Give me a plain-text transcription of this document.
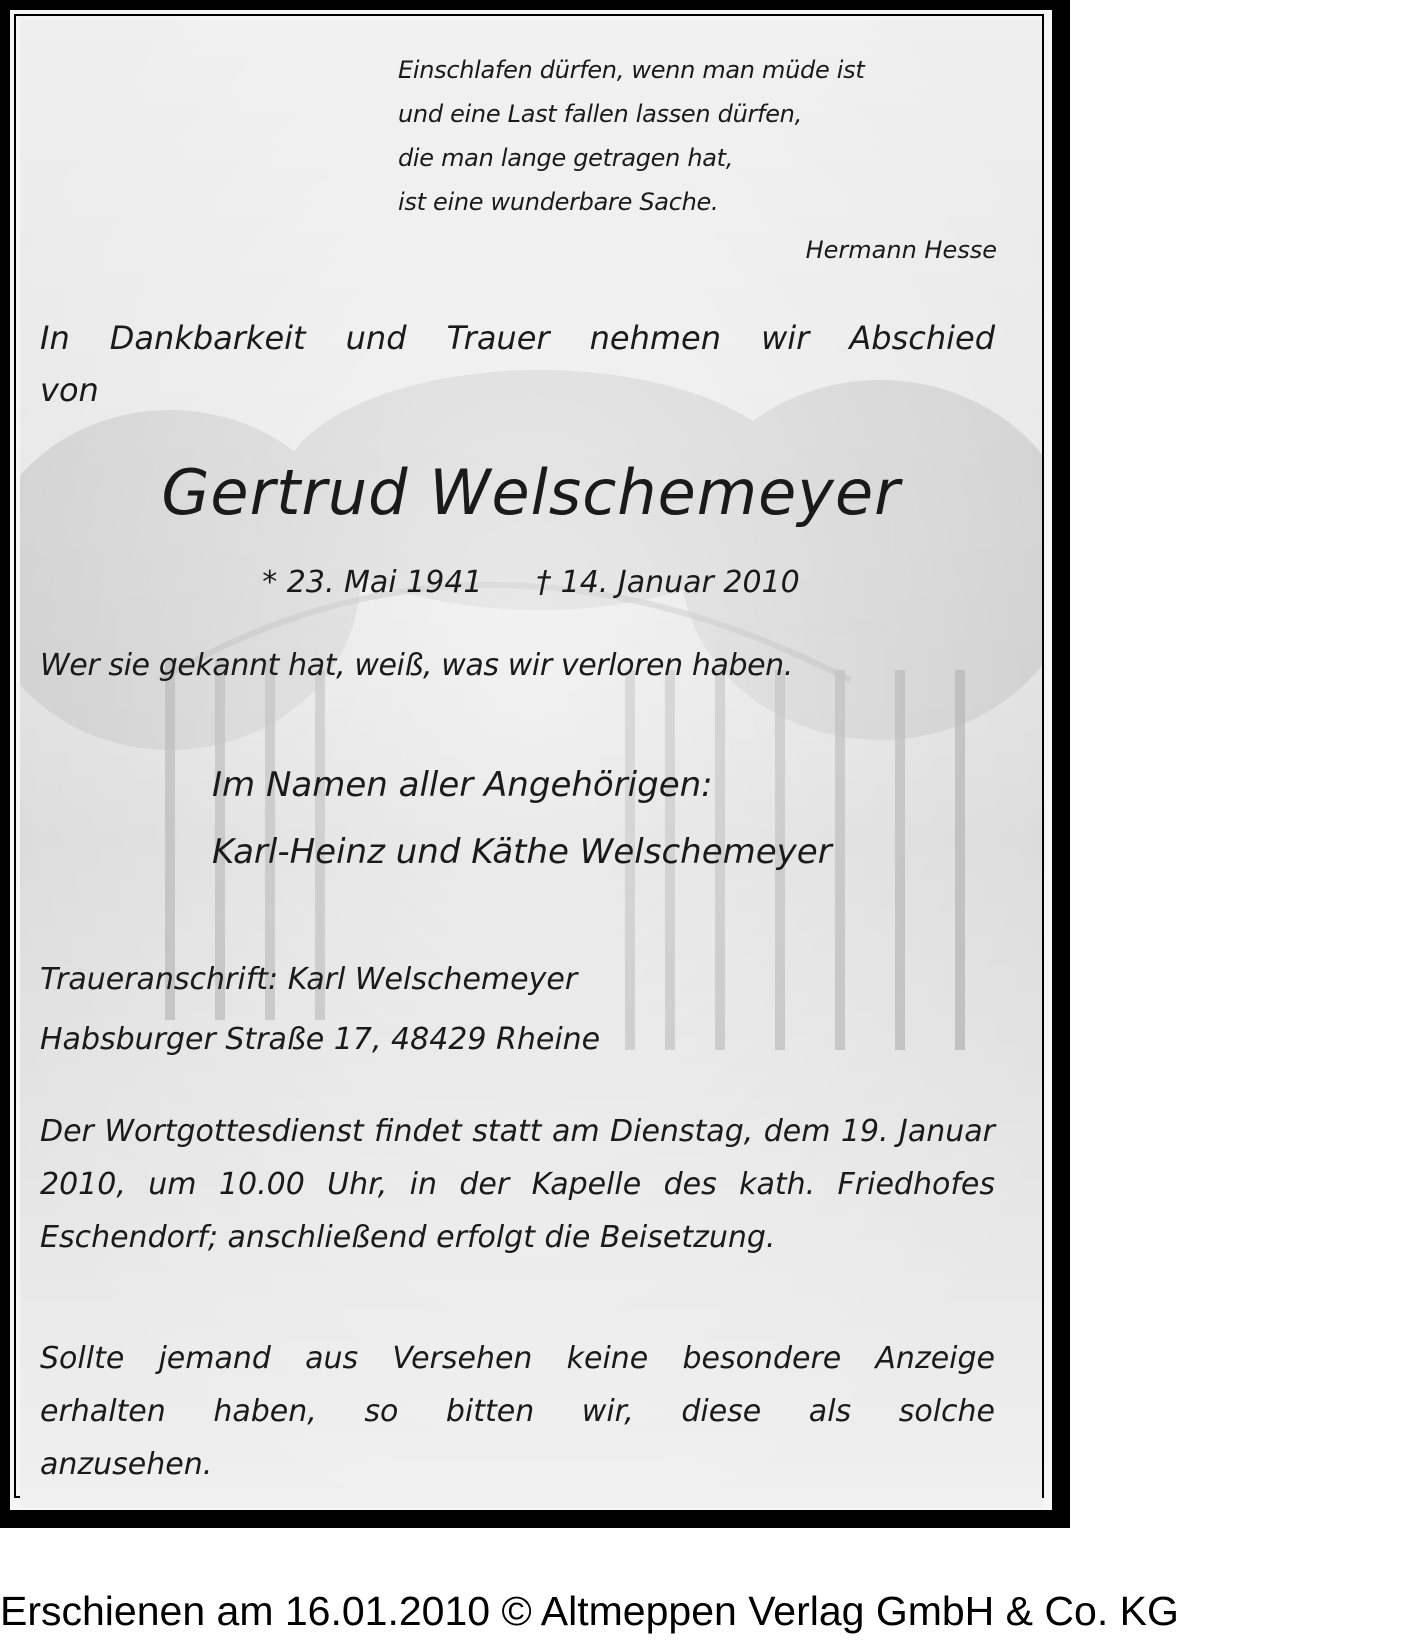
Einschlafen dürfen, wenn man müde ist
und eine Last fallen lassen dürfen,
die man lange getragen hat,
ist eine wunderbare Sache.
Hermann Hesse
In Dankbarkeit und Trauer nehmen wir Abschied von
Gertrud Welschemeyer
* 23. Mai 1941 † 14. Januar 2010
Wer sie gekannt hat, weiß, was wir verloren haben.
Im Namen aller Angehörigen:
Karl-Heinz und Käthe Welschemeyer
Traueranschrift: Karl Welschemeyer
Habsburger Straße 17, 48429 Rheine
Der Wortgottesdienst findet statt am Dienstag, dem 19. Januar 2010, um 10.00 Uhr, in der Kapelle des kath. Friedhofes Eschendorf; anschließend erfolgt die Beisetzung.
Sollte jemand aus Versehen keine besondere Anzeige erhalten haben, so bitten wir, diese als solche anzusehen.
Erschienen am 16.01.2010 © Altmeppen Verlag GmbH & Co. KG
